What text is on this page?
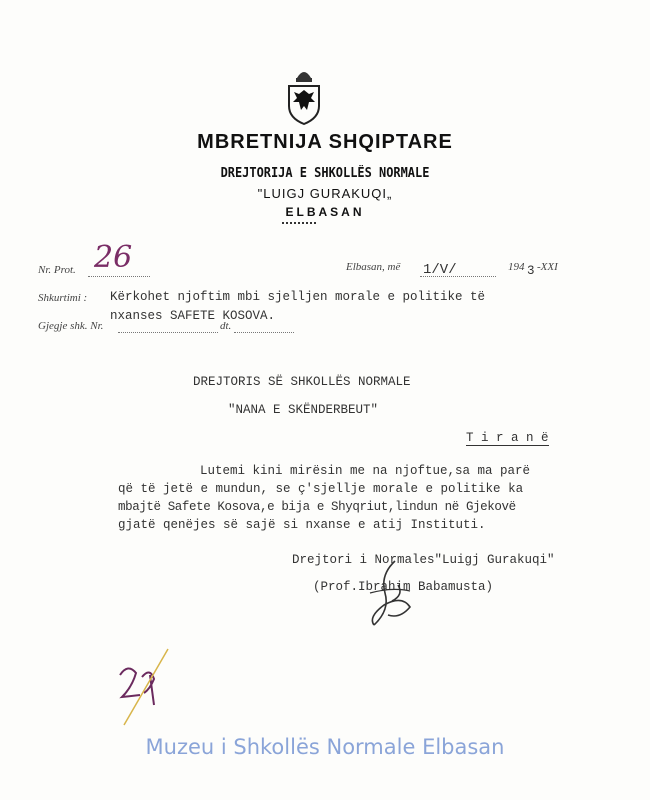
MBRETNIJA SHQIPTARE
DREJTORIJA E SHKOLLËS NORMALE
"LUIGJ GURAKUQI„
ELBASAN
Nr. Prot. 26	Elbasan, më 1/V/	194 3 -XXI
Shkurtimi : Kërkohet njoftim mbi sjelljen morale e politike të
nxanses SAFETE KOSOVA.
Gjegje shk. Nr.	dt.
DREJTORIS SË SHKOLLËS NORMALE
"NANA E SKËNDERBEUT"
T i r a n ë
Lutemi kini mirësin me na njoftue,sa ma parë
që të jetë e mundun, se ç'sjellje morale e politike ka
mbajtë Safete Kosova,e bija e Shyqriut,lindun në Gjekovë
gjatë qenëjes së sajë si nxanse e atij Instituti.
Drejtori i Normales"Luigj Gurakuqi"
(Prof.Ibrahim Babamusta)
Muzeu i Shkollës Normale Elbasan
